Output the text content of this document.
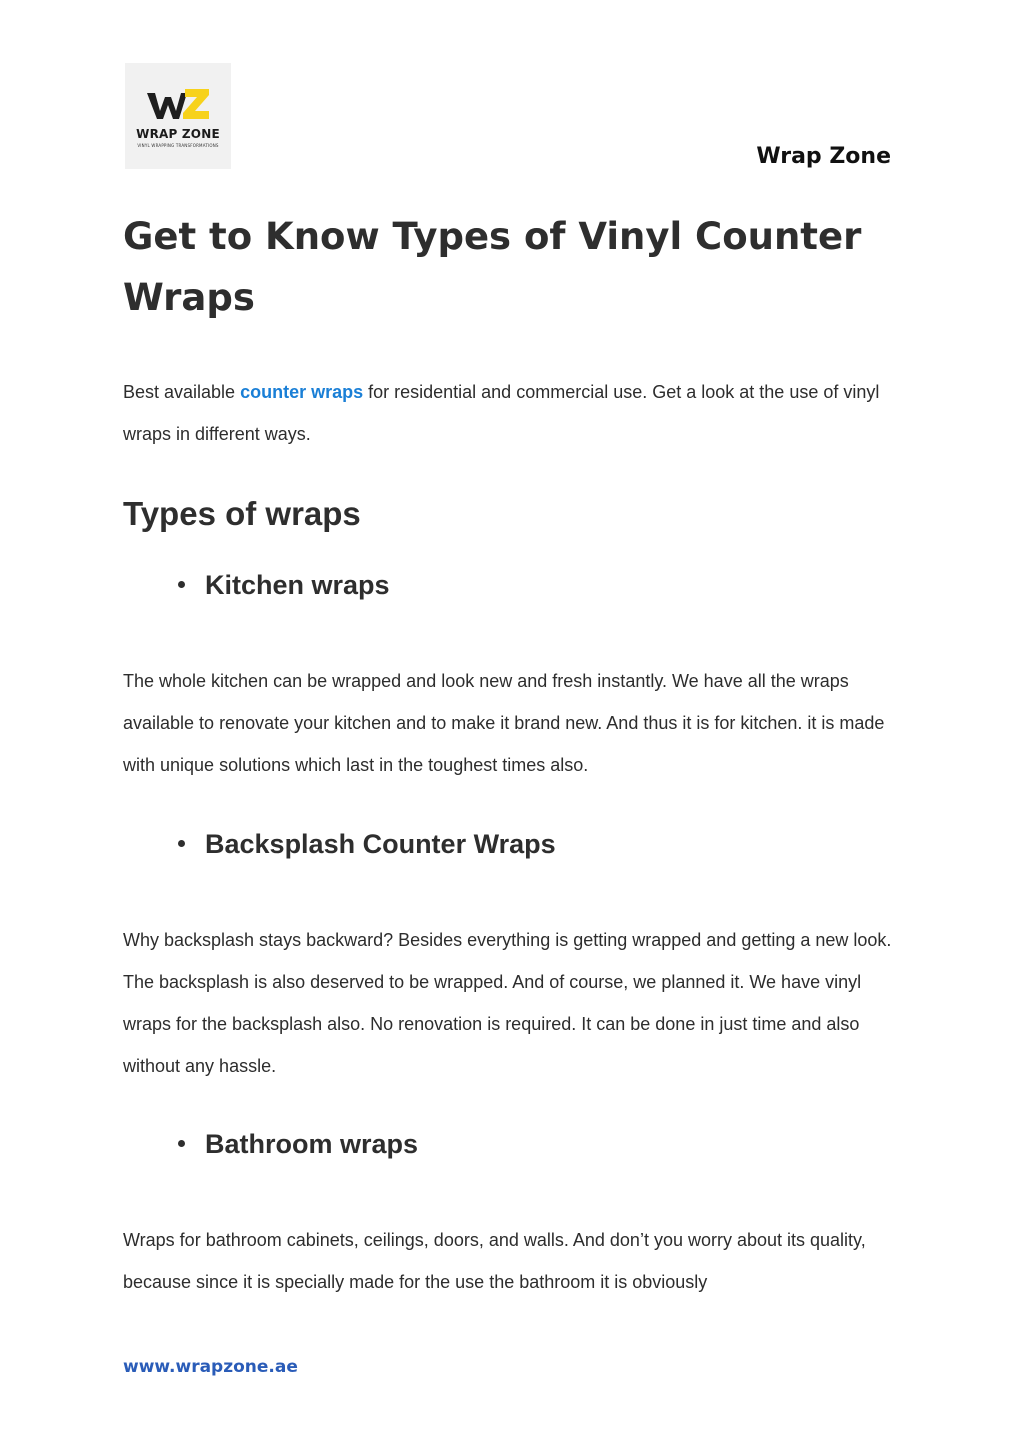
WRAP ZONE
VINYL WRAPPING TRANSFORMATIONS	Wrap Zone
Get to Know Types of Vinyl Counter Wraps

Best available counter wraps for residential and commercial use. Get a look at the use of vinyl wraps in different ways.

Types of wraps
Kitchen wraps

The whole kitchen can be wrapped and look new and fresh instantly. We have all the wraps available to renovate your kitchen and to make it brand new. And thus it is for kitchen. it is made with unique solutions which last in the toughest times also.

Backsplash Counter Wraps

Why backsplash stays backward? Besides everything is getting wrapped and getting a new look. The backsplash is also deserved to be wrapped. And of course, we planned it. We have vinyl wraps for the backsplash also. No renovation is required. It can be done in just time and also without any hassle.

Bathroom wraps

Wraps for bathroom cabinets, ceilings, doors, and walls. And don’t you worry about its quality, because since it is specially made for the use the bathroom it is obviously

www.wrapzone.ae
